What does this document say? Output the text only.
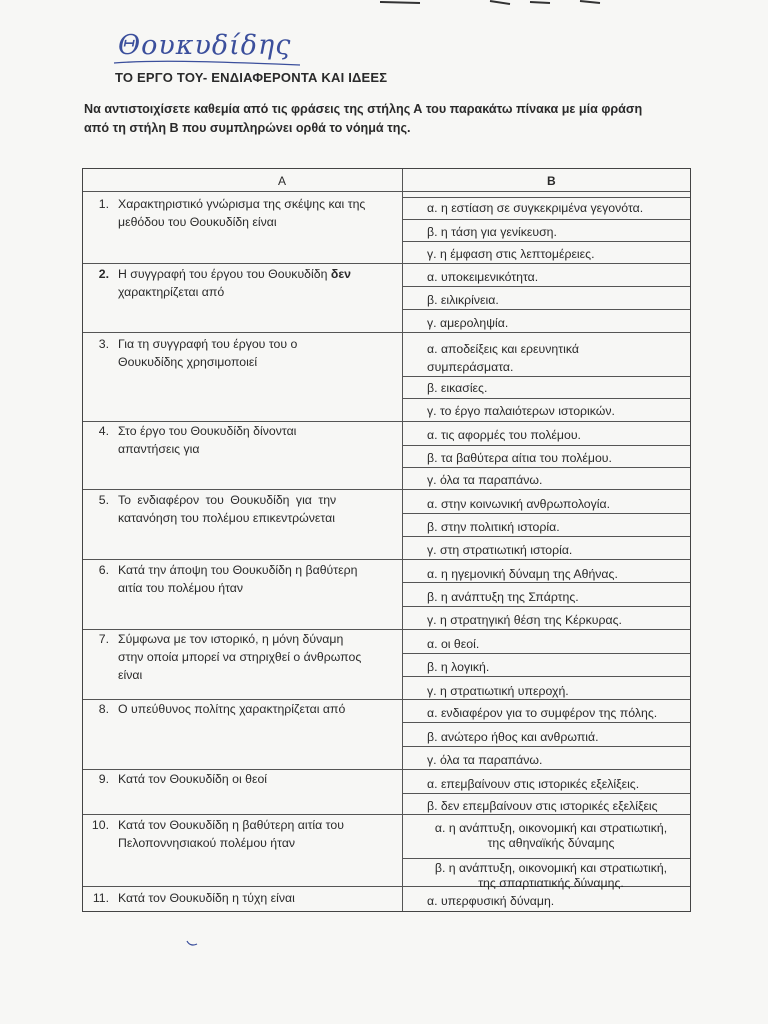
Θουκυδίδης
ΤΟ ΕΡΓΟ ΤΟΥ- ΕΝΔΙΑΦΕΡΟΝΤΑ ΚΑΙ ΙΔΕΕΣ
Να αντιστοιχίσετε καθεμία από τις φράσεις της στήλης Α του παρακάτω πίνακα με μία φράση
από τη στήλη Β που συμπληρώνει ορθά το νόημά της.
Α	Β
1. Χαρακτηριστικό γνώρισμα της σκέψης και της
μεθόδου του Θουκυδίδη είναι
α. η εστίαση σε συγκεκριμένα γεγονότα.
β. η τάση για γενίκευση.
γ. η έμφαση στις λεπτομέρειες.
2. Η συγγραφή του έργου του Θουκυδίδη δεν
χαρακτηρίζεται από
α. υποκειμενικότητα.
β. ειλικρίνεια.
γ. αμεροληψία.
3. Για τη συγγραφή του έργου του ο
Θουκυδίδης χρησιμοποιεί
α. αποδείξεις και ερευνητικά
συμπεράσματα.
β. εικασίες.
γ. το έργο παλαιότερων ιστορικών.
4. Στο έργο του Θουκυδίδη δίνονται
απαντήσεις για
α. τις αφορμές του πολέμου.
β. τα βαθύτερα αίτια του πολέμου.
γ. όλα τα παραπάνω.
5. Το ενδιαφέρον του Θουκυδίδη για την
κατανόηση του πολέμου επικεντρώνεται
α. στην κοινωνική ανθρωπολογία.
β. στην πολιτική ιστορία.
γ. στη στρατιωτική ιστορία.
6. Κατά την άποψη του Θουκυδίδη η βαθύτερη
αιτία του πολέμου ήταν
α. η ηγεμονική δύναμη της Αθήνας.
β. η ανάπτυξη της Σπάρτης.
γ. η στρατηγική θέση της Κέρκυρας.
7. Σύμφωνα με τον ιστορικό, η μόνη δύναμη
στην οποία μπορεί να στηριχθεί ο άνθρωπος
είναι
α. οι θεοί.
β. η λογική.
γ. η στρατιωτική υπεροχή.
8. Ο υπεύθυνος πολίτης χαρακτηρίζεται από	α. ενδιαφέρον για το συμφέρον της πόλης.
β. ανώτερο ήθος και ανθρωπιά.
γ. όλα τα παραπάνω.
9. Κατά τον Θουκυδίδη οι θεοί	α. επεμβαίνουν στις ιστορικές εξελίξεις.
β. δεν επεμβαίνουν στις ιστορικές εξελίξεις
10. Κατά τον Θουκυδίδη η βαθύτερη αιτία του
Πελοποννησιακού πολέμου ήταν
α. η ανάπτυξη, οικονομική και στρατιωτική,
της αθηναϊκής δύναμης
β. η ανάπτυξη, οικονομική και στρατιωτική,
της σπαρτιατικής δύναμης.
11. Κατά τον Θουκυδίδη η τύχη είναι	α. υπερφυσική δύναμη.
